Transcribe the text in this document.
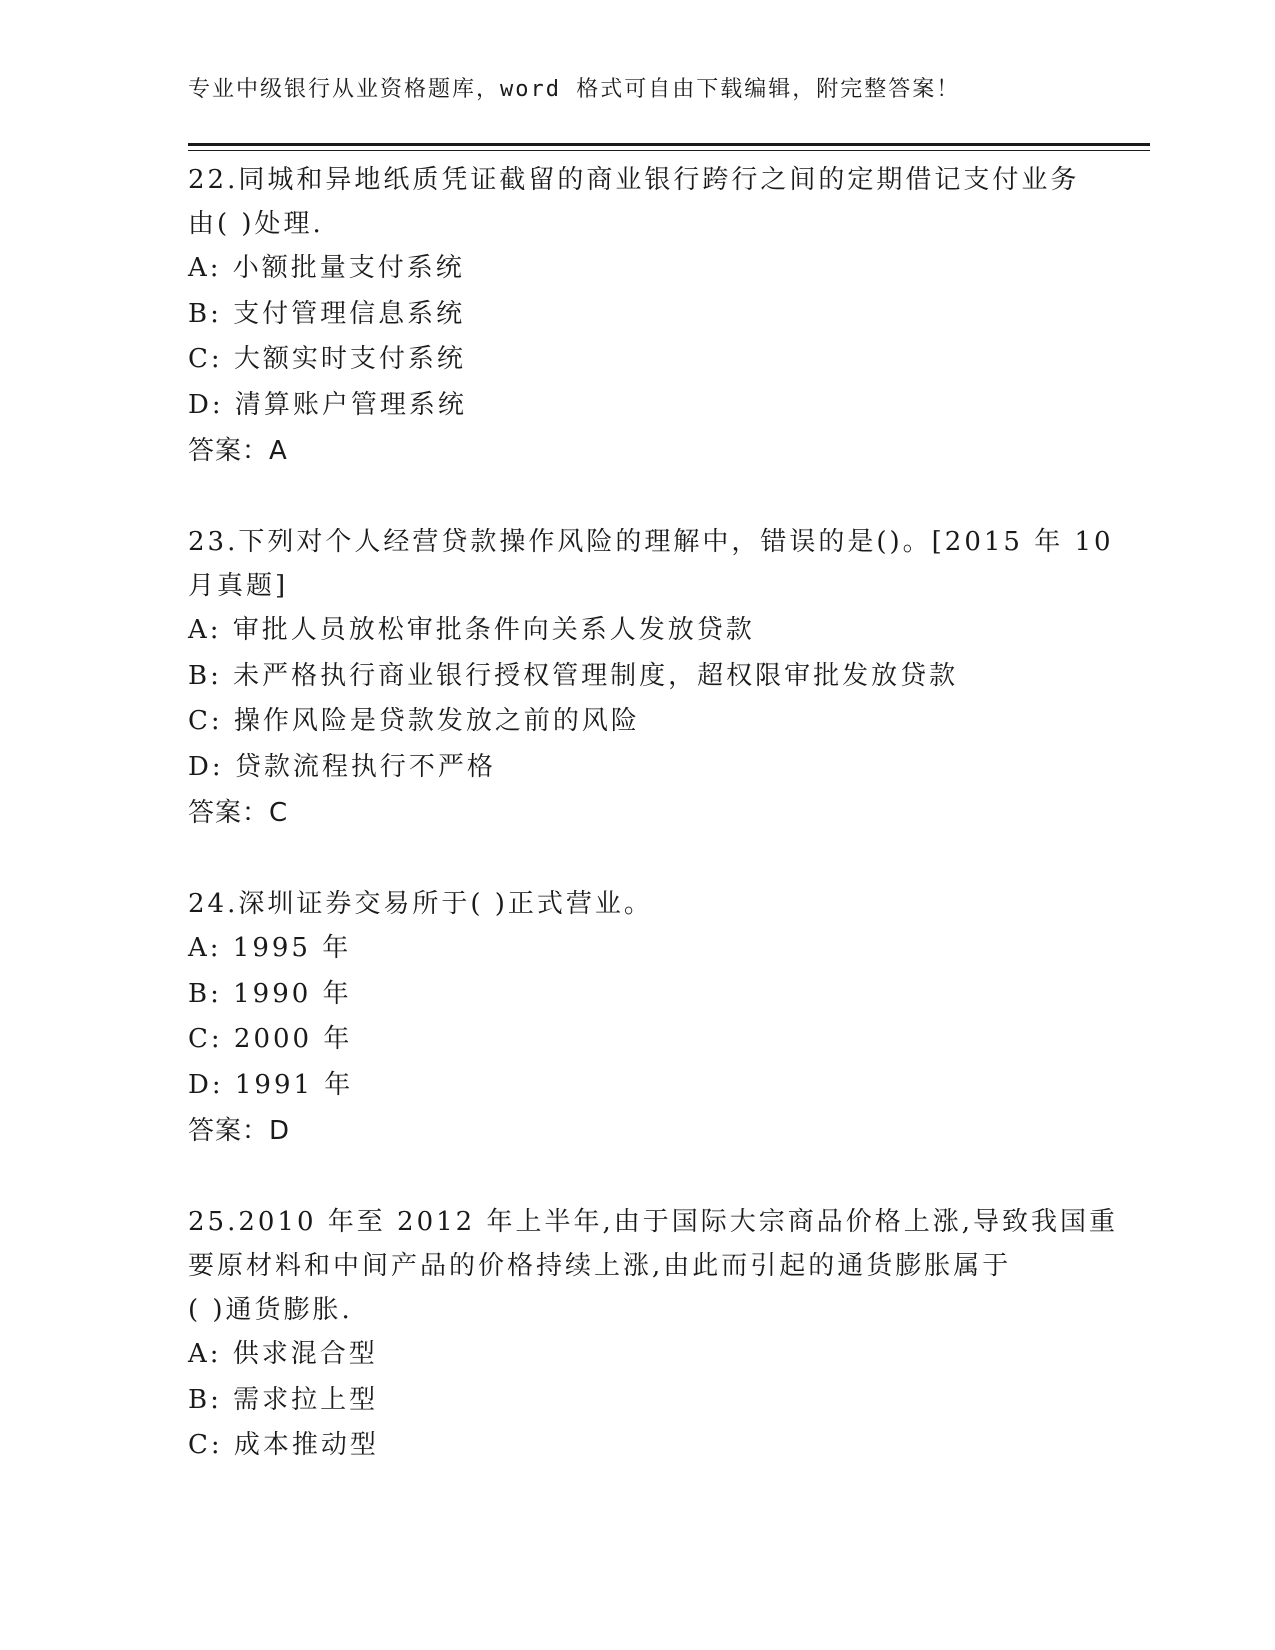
专业中级银行从业资格题库，word 格式可自由下载编辑，附完整答案！
22.同城和异地纸质凭证截留的商业银行跨行之间的定期借记支付业务
由( )处理.
A: 小额批量支付系统
B: 支付管理信息系统
C: 大额实时支付系统
D: 清算账户管理系统
答案：A
23.下列对个人经营贷款操作风险的理解中，错误的是()。[2015 年 10
月真题]
A: 审批人员放松审批条件向关系人发放贷款
B: 未严格执行商业银行授权管理制度，超权限审批发放贷款
C: 操作风险是贷款发放之前的风险
D: 贷款流程执行不严格
答案：C
24.深圳证券交易所于( )正式营业。
A: 1995 年
B: 1990 年
C: 2000 年
D: 1991 年
答案：D
25.2010 年至 2012 年上半年,由于国际大宗商品价格上涨,导致我国重
要原材料和中间产品的价格持续上涨,由此而引起的通货膨胀属于
( )通货膨胀.
A: 供求混合型
B: 需求拉上型
C: 成本推动型
